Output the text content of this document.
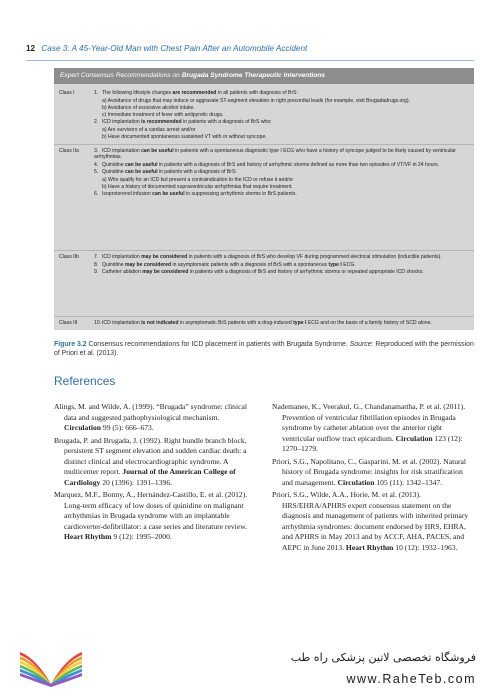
12 Case 3: A 45-Year-Old Man with Chest Pain After an Automobile Accident
Expert Consensus Recommendations on Brugada Syndrome Therapeutic Interventions
Class I	1. The following lifestyle changes are recommended in all patients with diagnosis of BrS:
a) Avoidance of drugs that may induce or aggravate ST-segment elevation in right precordial leads (for example, visit Brugadadrugs.org),
b) Avoidance of excessive alcohol intake.
c) Immediate treatment of fever with antipyretic drugs.
2. ICD implantation is recommended in patients with a diagnosis of BrS who:
a) Are survivors of a cardiac arrest and/or
b) Have documented spontaneous sustained VT with or without syncope.
Class IIa	3. ICD implantation can be useful in patients with a spontaneous diagnostic type I ECG who have a history of syncope judged to be likely caused by ventricular arrhythmias.
4. Quinidine can be useful in patients with a diagnosis of BrS and history of arrhythmic storms defined as more than two episodes of VT/VF in 24 hours.
5. Quinidine can be useful in patients with a diagnosis of BrS:
a) Who qualify for an ICD but present a contraindication to the ICD or refuse it and/or
b) Have a history of documented supraventricular arrhythmias that require treatment.
6. Isoproterenol infusion can be useful in suppressing arrhythmic storms in BrS patients.
Class IIb	7. ICD implantation may be considered in patients with a diagnosis of BrS who develop VF during programmed electrical stimulation (inducible patients).
8. Quinidine may be considered in asymptomatic patients with a diagnosis of BrS with a spontaneous type I ECG.
9. Catheter ablation may be considered in patients with a diagnosis of BrS and history of arrhythmic storms or repeated appropriate ICD shocks.
Class III	10.ICD implantation is not indicated in asymptomatic BrS patients with a drug-induced type I ECG and on the basis of a family history of SCD alone.
Figure 3.2 Consensus recommendations for ICD placement in patients with Brugada Syndrome. Source: Reproduced with the permission of Priori et al. (2013).
References
Alings, M. and Wilde, A. (1999). “Brugada” syndrome: clinical data and suggested pathophysiological mechanism. Circulation 99 (5): 666–673.
Brugada, P. and Brugada, J. (1992). Right bundle branch block, persistent ST segment elevation and sudden cardiac death: a distinct clinical and electrocardiographic syndrome. A multicenter report. Journal of the American College of Cardiology 20 (1396): 1391–1396.
Marquez, M.F., Bonny, A., Hernández-Castillo, E. et al. (2012). Long-term efficacy of low doses of quinidine on malignant arrhythmias in Brugada syndrome with an implantable cardioverter-defibrillator: a case series and literature review. Heart Rhythm 9 (12): 1995–2000.
Nademanee, K., Veerakul, G., Chandanamattha, P. et al. (2011). Prevention of ventricular fibrillation episodes in Brugada syndrome by catheter ablation over the anterior right ventricular outflow tract epicardium. Circulation 123 (12): 1270–1279.
Priori, S.G., Napolitano, C., Gasparini, M. et al. (2002). Natural history of Brugada syndrome: insights for risk stratification and management. Circulation 105 (11): 1342–1347.
Priori, S.G., Wilde, A.A., Horie, M. et al. (2013). HRS/EHRA/APHRS expert consensus statement on the diagnosis and management of patients with inherited primary arrhythmia syndromes: document endorsed by HRS, EHRA, and APHRS in May 2013 and by ACCF, AHA, PACES, and AEPC in June 2013. Heart Rhythm 10 (12): 1932–1963.
فروشگاه تخصصی لاتین پزشکی راه طب
www.RaheTeb.com
